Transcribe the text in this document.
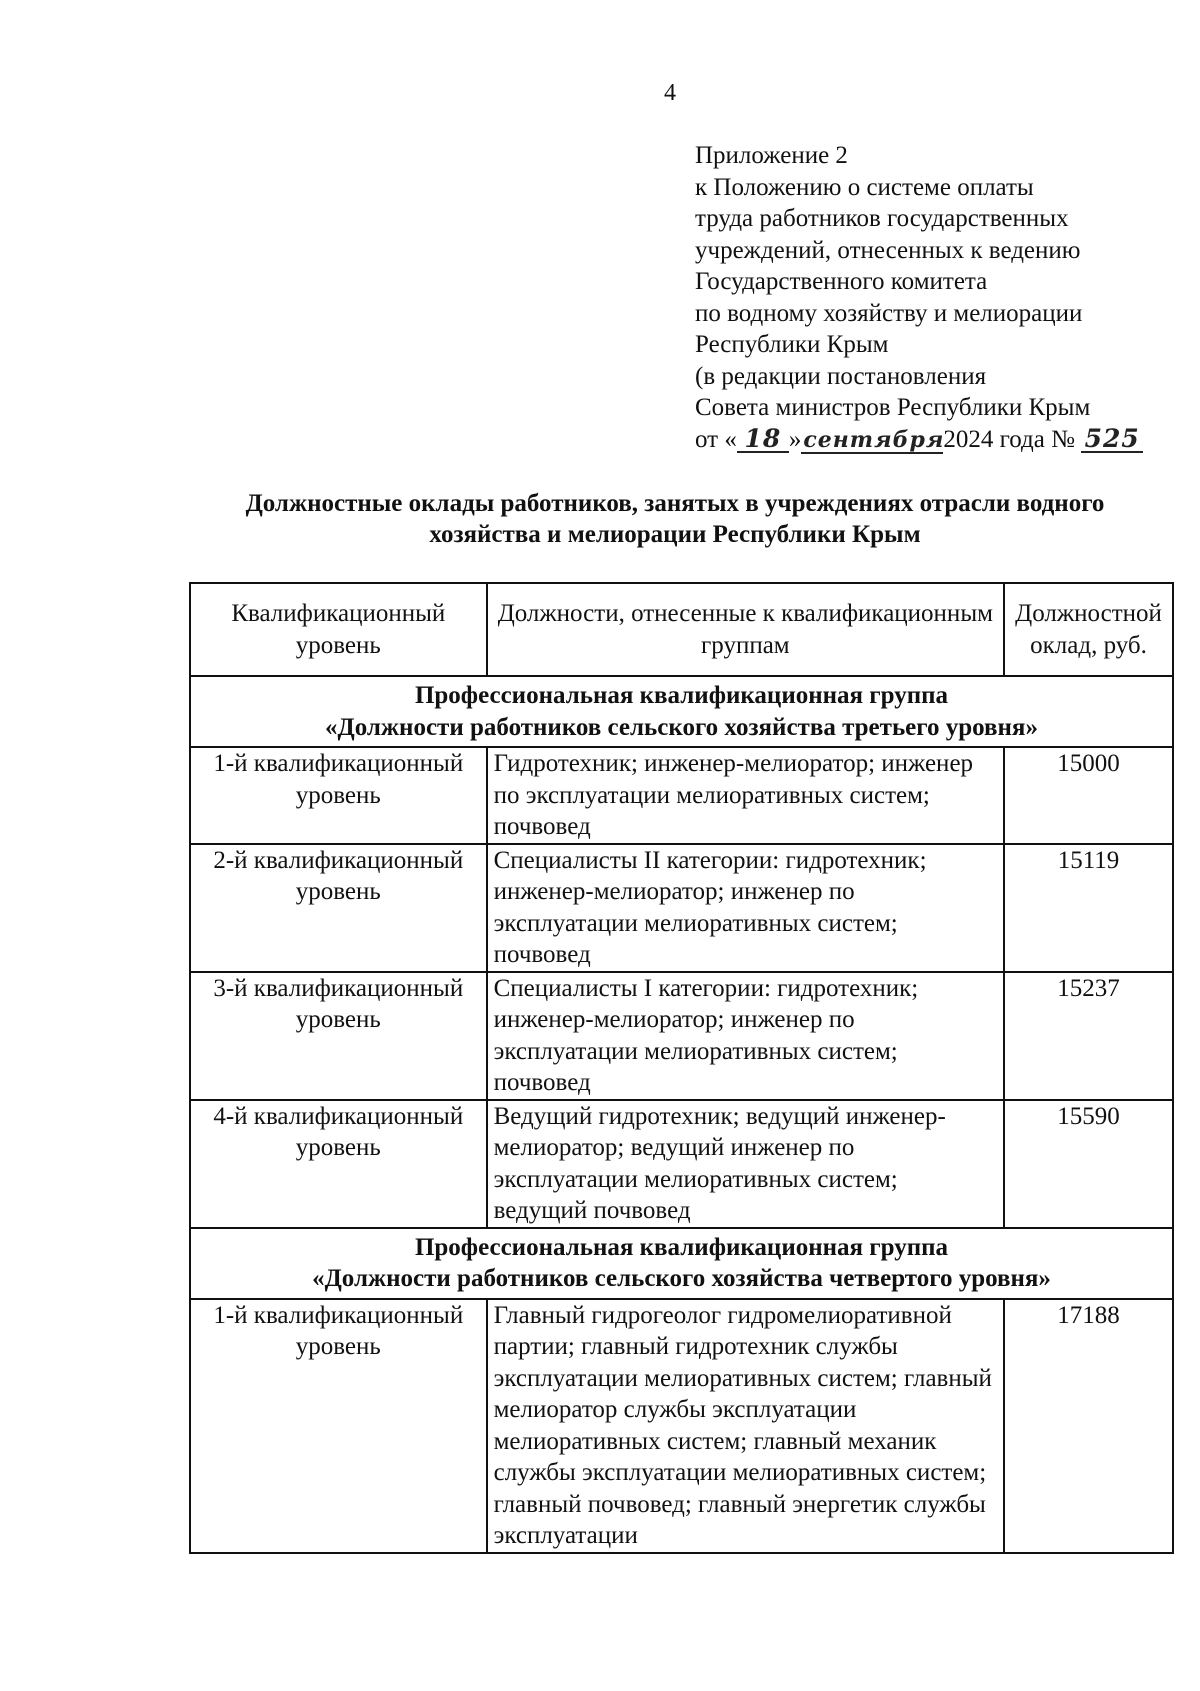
4
Приложение 2
к Положению о системе оплаты
труда работников государственных
учреждений, отнесенных к ведению
Государственного комитета
по водному хозяйству и мелиорации
Республики Крым
(в редакции постановления
Совета министров Республики Крым
от « 18 »сентября2024 года № 525
Должностные оклады работников, занятых в учреждениях отрасли водного
хозяйства и мелиорации Республики Крым
Квалификационный уровень	Должности, отнесенные к квалификационным группам	Должностной оклад, руб.

Профессиональная квалификационная группа
«Должности работников сельского хозяйства третьего уровня»		

1-й квалификационный уровень	Гидротехник; инженер-мелиоратор; инженер по эксплуатации мелиоративных систем; почвовед	15000
2-й квалификационный уровень	Специалисты II категории: гидротехник; инженер-мелиоратор; инженер по эксплуатации мелиоративных систем; почвовед	15119
3-й квалификационный уровень	Специалисты I категории: гидротехник; инженер-мелиоратор; инженер по эксплуатации мелиоративных систем; почвовед	15237
4-й квалификационный уровень	Ведущий гидротехник; ведущий инженер-мелиоратор; ведущий инженер по эксплуатации мелиоративных систем; ведущий почвовед	15590

Профессиональная квалификационная группа
«Должности работников сельского хозяйства четвертого уровня»		

1-й квалификационный уровень	Главный гидрогеолог гидромелиоративной партии; главный гидротехник службы эксплуатации мелиоративных систем; главный мелиоратор службы эксплуатации мелиоративных систем; главный механик службы эксплуатации мелиоративных систем; главный почвовед; главный энергетик службы эксплуатации	17188
